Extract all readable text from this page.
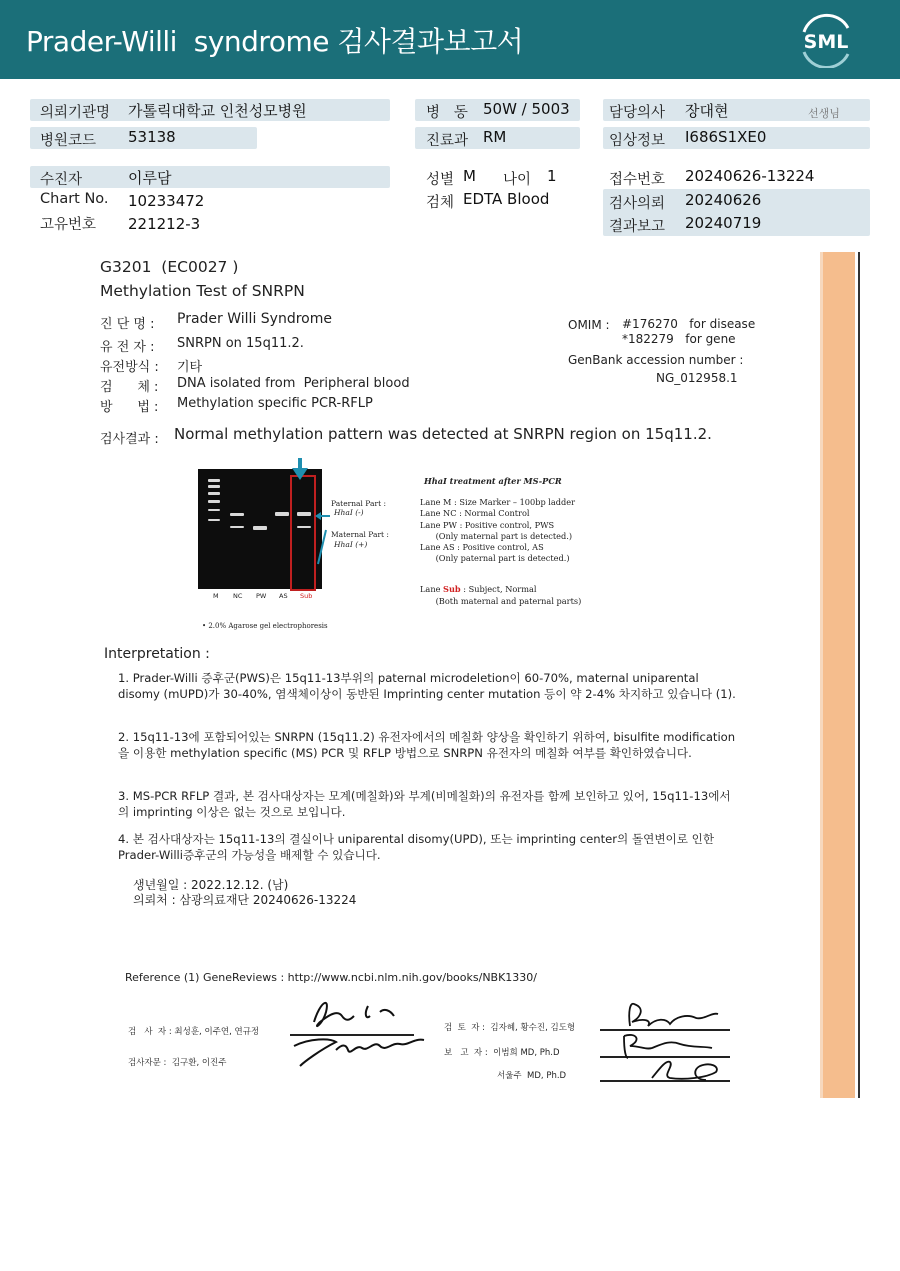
Prader-Willi  syndrome 검사결과보고서	SML
의뢰기관명 가톨릭대학교 인천성모병원
병원코드 53138
병   동 50W / 5003
진료과 RM
담당의사 장대현	선생님
임상정보 I686S1XE0
수진자	이루담
Chart No. 10233472
고유번호 221212-3
성별 M 나이 1
검체 EDTA Blood
접수번호 20240626-13224
검사의뢰 20240626
결과보고 20240719
G3201  (EC0027 )
Methylation Test of SNRPN
진 단 명 : Prader Willi Syndrome
유 전 자 : SNRPN on 15q11.2.
유전방식 : 기타
검      체 : DNA isolated from  Peripheral blood
방      법 : Methylation specific PCR-RFLP
OMIM : #176270   for disease
*182279   for gene
GenBank accession number :
NG_012958.1
검사결과 : Normal methylation pattern was detected at SNRPN region on 15q11.2.
M NC PW AS Sub
Paternal Part :
HhaI (-)
Maternal Part :
HhaI (+)
• 2.0% Agarose gel electrophoresis
HhaI treatment after MS-PCR
Lane M : Size Marker – 100bp ladder
Lane NC : Normal Control
Lane PW : Positive control, PWS
(Only maternal part is detected.)
Lane AS : Positive control, AS
(Only paternal part is detected.)
Lane Sub : Subject, Normal
(Both maternal and paternal parts)
Interpretation :
1. Prader-Willi 증후군(PWS)은 15q11-13부위의 paternal microdeletion이 60-70%, maternal uniparental disomy (mUPD)가 30-40%, 염색체이상이 동반된 Imprinting center mutation 등이 약 2-4% 차지하고 있습니다 (1).
2. 15q11-13에 포함되어있는 SNRPN (15q11.2) 유전자에서의 메칠화 양상을 확인하기 위하여, bisulfite modification을 이용한 methylation specific (MS) PCR 및 RFLP 방법으로 SNRPN 유전자의 메칠화 여부를 확인하였습니다.
3. MS-PCR RFLP 결과, 본 검사대상자는 모계(메칠화)와 부계(비메칠화)의 유전자를 함께 보인하고 있어, 15q11-13에서의 imprinting 이상은 없는 것으로 보입니다.
4. 본 검사대상자는 15q11-13의 결실이나 uniparental disomy(UPD), 또는 imprinting center의 돌연변이로 인한 Prader-Willi증후군의 가능성을 배제할 수 있습니다.
생년월일 : 2022.12.12. (남)
의뢰처 : 삼광의료재단 20240626-13224
Reference (1) GeneReviews : http://www.ncbi.nlm.nih.gov/books/NBK1330/
검   사  자 : 최성훈, 이주연, 연규정
검사자문 :  김구환, 이진주
검  토  자 :  김자혜, 황수진, 김도형
보   고  자 :  이범희 MD, Ph.D
서울주  MD, Ph.D
